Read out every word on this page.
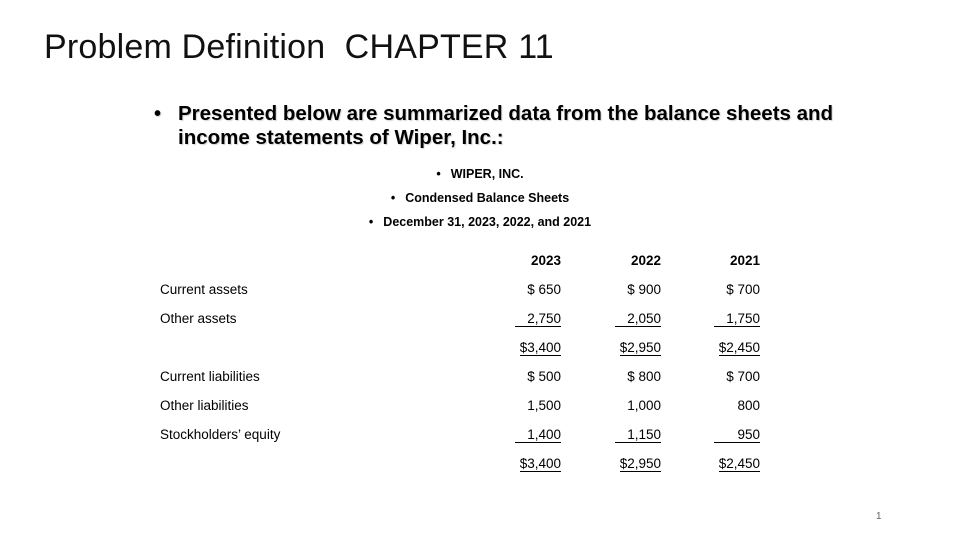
Problem Definition  CHAPTER 11
• Presented below are summarized data from the balance sheets and income statements of Wiper, Inc.:
• WIPER, INC.
• Condensed Balance Sheets
• December 31, 2023, 2022, and 2021
	2023	2022	2021
Current assets	$ 650	$ 900	$ 700
Other assets	2,750	2,050	1,750
	$3,400	$2,950	$2,450
Current liabilities	$ 500	$ 800	$ 700
Other liabilities	1,500	1,000	800
Stockholders’ equity	1,400	1,150	950
	$3,400	$2,950	$2,450
1
